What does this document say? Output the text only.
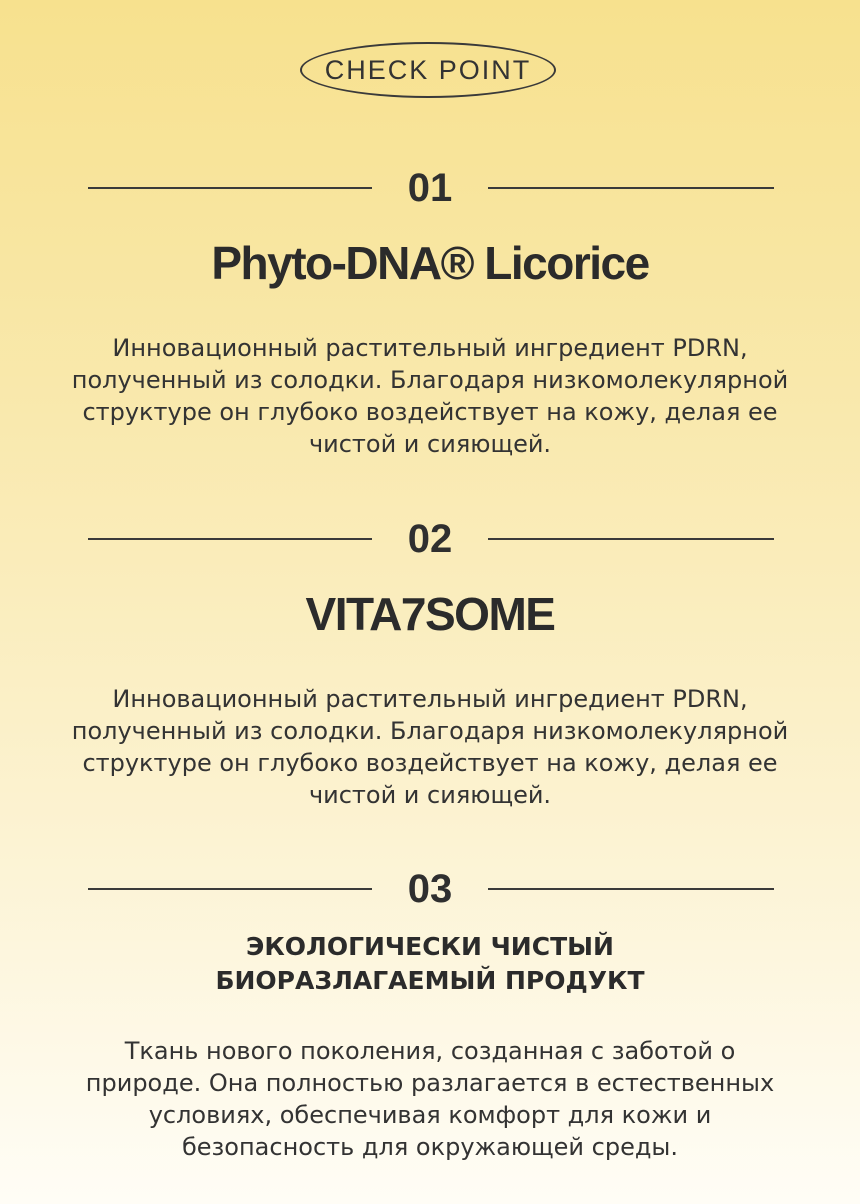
CHECK POINT
01
Phyto-DNA® Licorice
Инновационный растительный ингредиент PDRN,
полученный из солодки. Благодаря низкомолекулярной
структуре он глубоко воздействует на кожу, делая ее
чистой и сияющей.
02
VITA7SOME
Инновационный растительный ингредиент PDRN,
полученный из солодки. Благодаря низкомолекулярной
структуре он глубоко воздействует на кожу, делая ее
чистой и сияющей.
03
ЭКОЛОГИЧЕСКИ ЧИСТЫЙ
БИОРАЗЛАГАЕМЫЙ ПРОДУКТ
Ткань нового поколения, созданная с заботой о
природе. Она полностью разлагается в естественных
условиях, обеспечивая комфорт для кожи и
безопасность для окружающей среды.
